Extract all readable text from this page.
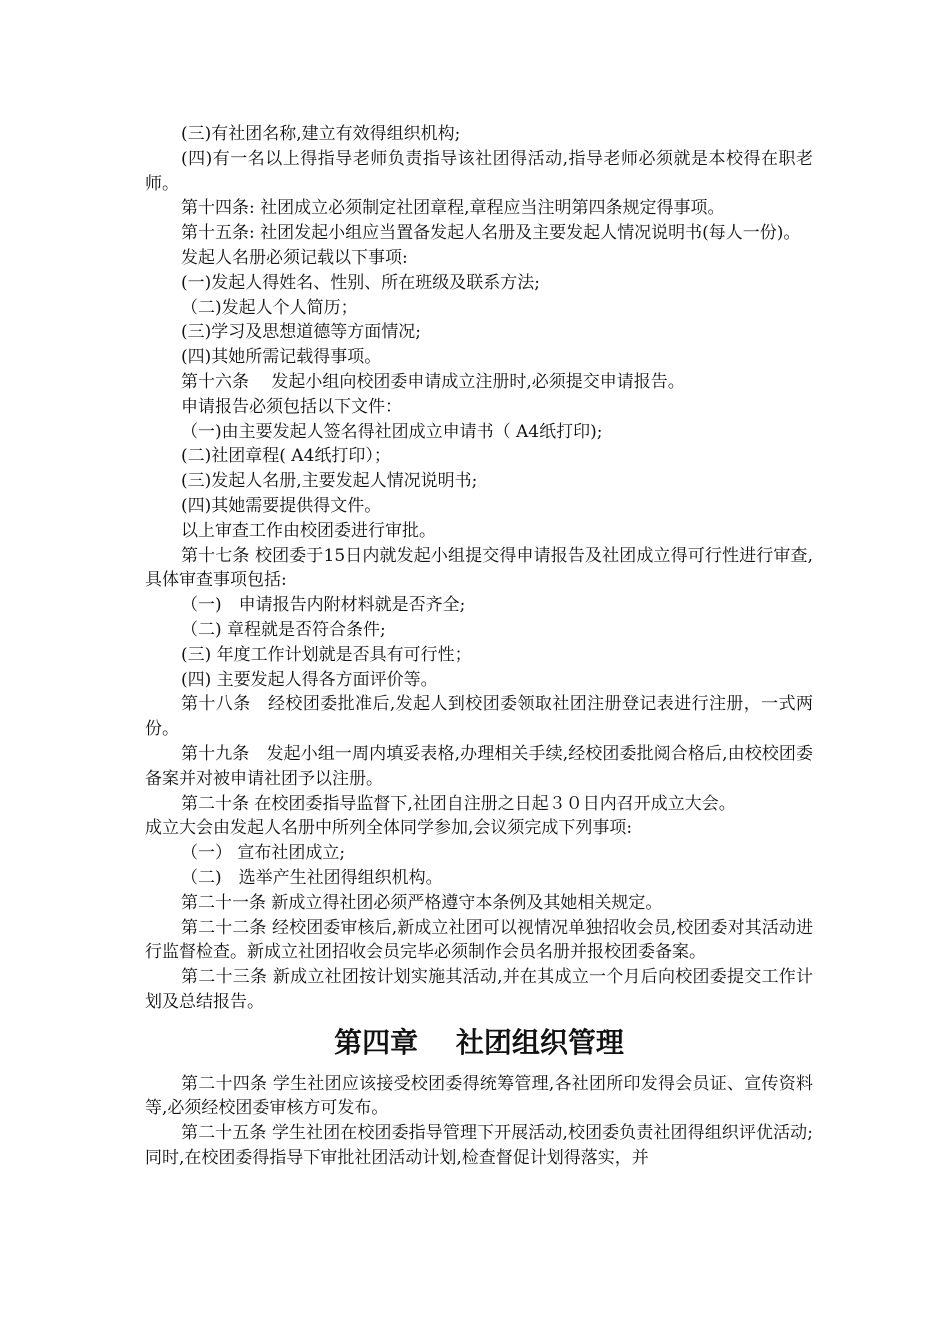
(三)有社团名称,建立有效得组织机构;

(四)有一名以上得指导老师负责指导该社团得活动,指导老师必须就是本校得在职老师。

第十四条: 社团成立必须制定社团章程,章程应当注明第四条规定得事项。

第十五条: 社团发起小组应当置备发起人名册及主要发起人情况说明书(每人一份)。

发起人名册必须记载以下事项:

(一)发起人得姓名、性别、所在班级及联系方法;

（二)发起人个人简历；

(三)学习及思想道德等方面情况;

(四)其她所需记载得事项。

第十六条　 发起小组向校团委申请成立注册时,必须提交申请报告。

申请报告必须包括以下文件：

（一)由主要发起人签名得社团成立申请书（ A4纸打印);

(二)社团章程( A4纸打印）；

(三)发起人名册,主要发起人情况说明书;

(四)其她需要提供得文件。

以上审查工作由校团委进行审批。

第十七条 校团委于15日内就发起小组提交得申请报告及社团成立得可行性进行审查,具体审查事项包括:

（一)　申请报告内附材料就是否齐全;

（二) 章程就是否符合条件;

(三) 年度工作计划就是否具有可行性；

(四) 主要发起人得各方面评价等。

第十八条　经校团委批准后,发起人到校团委领取社团注册登记表进行注册，一式两份。

第十九条　发起小组一周内填妥表格,办理相关手续,经校团委批阅合格后,由校校团委备案并对被申请社团予以注册。

第二十条 在校团委指导监督下,社团自注册之日起３０日内召开成立大会。

成立大会由发起人名册中所列全体同学参加,会议须完成下列事项:

（一） 宣布社团成立;

（二)　选举产生社团得组织机构。

第二十一条 新成立得社团必须严格遵守本条例及其她相关规定。

第二十二条 经校团委审核后,新成立社团可以视情况单独招收会员,校团委对其活动进行监督检查。新成立社团招收会员完毕必须制作会员名册并报校团委备案。

第二十三条 新成立社团按计划实施其活动,并在其成立一个月后向校团委提交工作计划及总结报告。

第四章　 社团组织管理

第二十四条 学生社团应该接受校团委得统筹管理,各社团所印发得会员证、宣传资料等,必须经校团委审核方可发布。

第二十五条 学生社团在校团委指导管理下开展活动,校团委负责社团得组织评优活动;同时,在校团委得指导下审批社团活动计划,检查督促计划得落实，并
